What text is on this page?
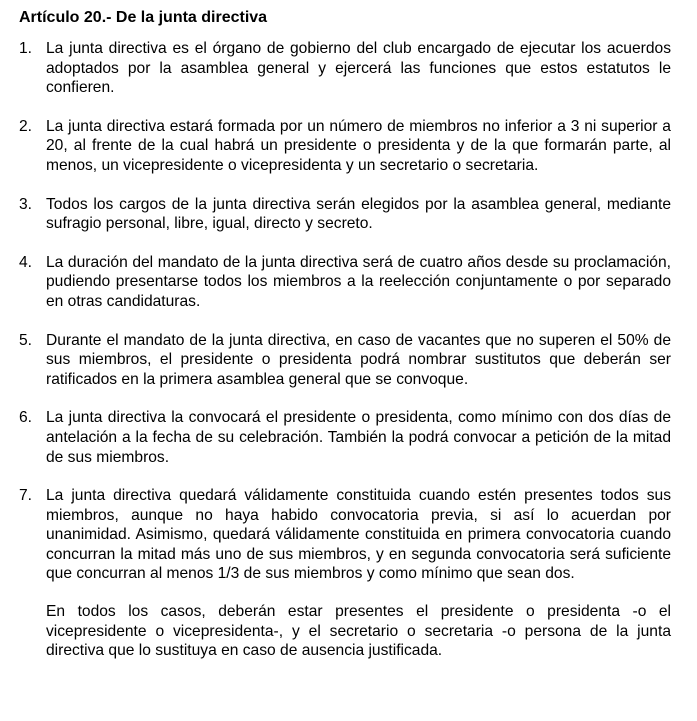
Artículo 20.- De la junta directiva
1. La junta directiva es el órgano de gobierno del club encargado de ejecutar los acuerdos adoptados por la asamblea general y ejercerá las funciones que estos estatutos le confieren.
2. La junta directiva estará formada por un número de miembros no inferior a 3 ni superior a 20, al frente de la cual habrá un presidente o presidenta y de la que formarán parte, al menos, un vicepresidente o vicepresidenta y un secretario o secretaria.
3. Todos los cargos de la junta directiva serán elegidos por la asamblea general, mediante sufragio personal, libre, igual, directo y secreto.
4. La duración del mandato de la junta directiva será de cuatro años desde su proclamación, pudiendo presentarse todos los miembros a la reelección conjuntamente o por separado en otras candidaturas.
5. Durante el mandato de la junta directiva, en caso de vacantes que no superen el 50% de sus miembros, el presidente o presidenta podrá nombrar sustitutos que deberán ser ratificados en la primera asamblea general que se convoque.
6. La junta directiva la convocará el presidente o presidenta, como mínimo con dos días de antelación a la fecha de su celebración. También la podrá convocar a petición de la mitad de sus miembros.
7. La junta directiva quedará válidamente constituida cuando estén presentes todos sus miembros, aunque no haya habido convocatoria previa, si así lo acuerdan por unanimidad. Asimismo, quedará válidamente constituida en primera convocatoria cuando concurran la mitad más uno de sus miembros, y en segunda convocatoria será suficiente que concurran al menos 1/3 de sus miembros y como mínimo que sean dos.
En todos los casos, deberán estar presentes el presidente o presidenta -o el vicepresidente o vicepresidenta-, y el secretario o secretaria -o persona de la junta directiva que lo sustituya en caso de ausencia justificada.
